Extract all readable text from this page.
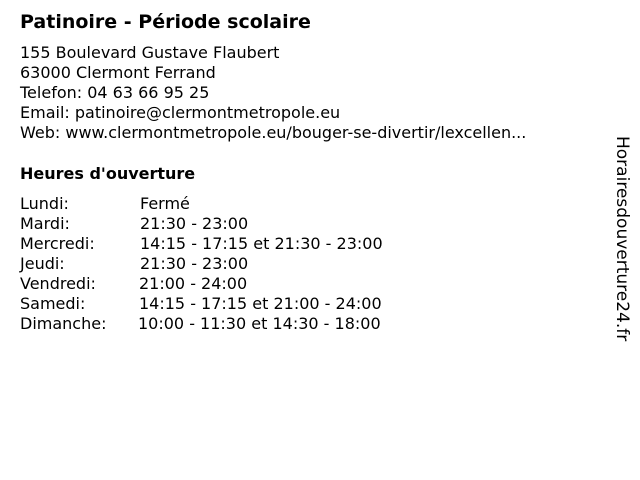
Patinoire - Période scolaire
155 Boulevard Gustave Flaubert
63000 Clermont Ferrand
Telefon: 04 63 66 95 25
Email: patinoire@clermontmetropole.eu
Web: www.clermontmetropole.eu/bouger-se-divertir/lexcellen...
Heures d'ouverture
Lundi:	Fermé
Mardi:	21:30 - 23:00
Mercredi:	14:15 - 17:15 et 21:30 - 23:00
Jeudi:	21:30 - 23:00
Vendredi:	21:00 - 24:00
Samedi:	14:15 - 17:15 et 21:00 - 24:00
Dimanche: 10:00 - 11:30 et 14:30 - 18:00	Horairesdouverture24.fr
